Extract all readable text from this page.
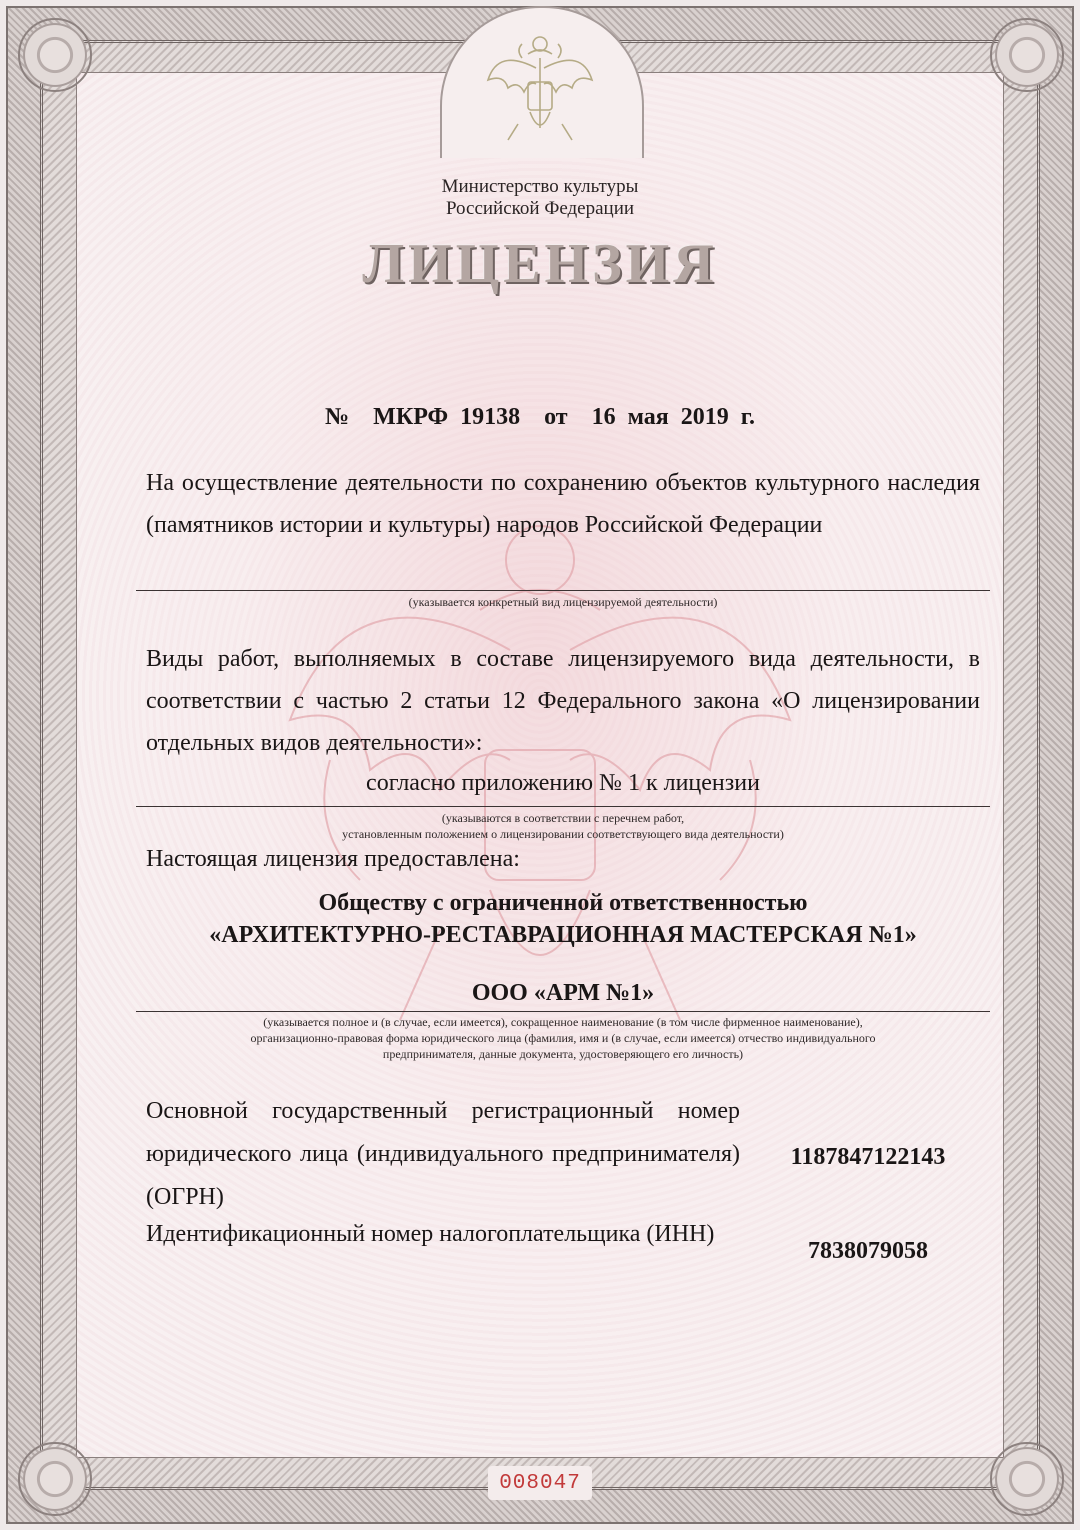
Министерство культуры
Российской Федерации
ЛИЦЕНЗИЯ
№ МКРФ 19138 от 16 мая 2019 г.
На осуществление деятельности по сохранению объектов культурного наследия (памятников истории и культуры) народов Российской Федерации
(указывается конкретный вид лицензируемой деятельности)
Виды работ, выполняемых в составе лицензируемого вида деятельности, в соответствии с частью 2 статьи 12 Федерального закона «О лицензировании отдельных видов деятельности»:
согласно приложению № 1 к лицензии
(указываются в соответствии с перечнем работ,
установленным положением о лицензировании соответствующего вида деятельности)
Настоящая лицензия предоставлена:
Обществу с ограниченной ответственностью
«АРХИТЕКТУРНО-РЕСТАВРАЦИОННАЯ МАСТЕРСКАЯ №1»
ООО «АРМ №1»
(указывается полное и (в случае, если имеется), сокращенное наименование (в том числе фирменное наименование),
организационно-правовая форма юридического лица (фамилия, имя и (в случае, если имеется) отчество индивидуального
предпринимателя, данные документа, удостоверяющего его личность)
Основной государственный регистрационный номер юридического лица (индивидуального предпринимателя) (ОГРН)
1187847122143
Идентификационный номер налогоплательщика (ИНН)
7838079058
008047
